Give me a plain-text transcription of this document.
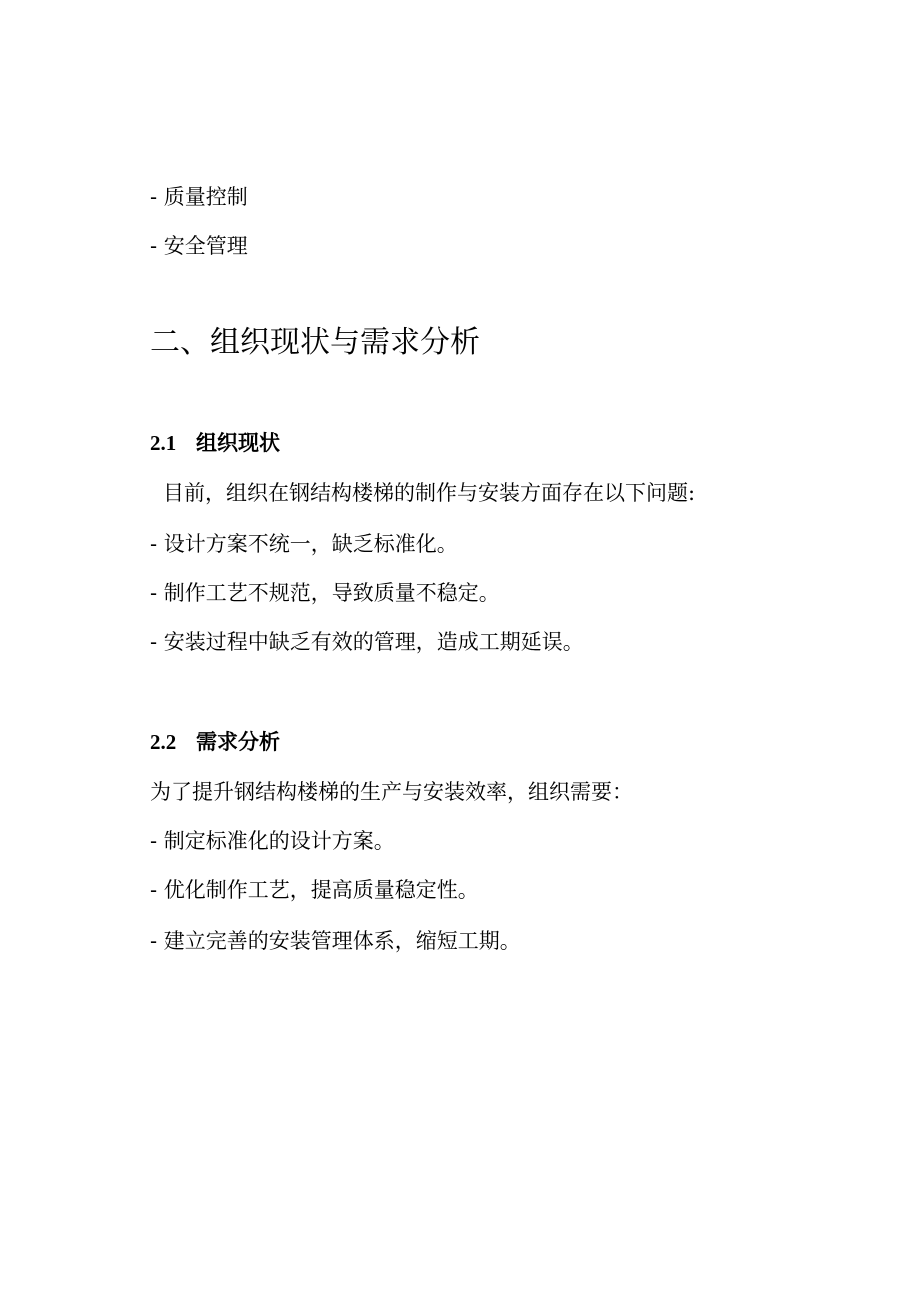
- 质量控制
- 安全管理
二、组织现状与需求分析
2.1 组织现状
目前，组织在钢结构楼梯的制作与安装方面存在以下问题:
- 设计方案不统一，缺乏标准化。
- 制作工艺不规范，导致质量不稳定。
- 安装过程中缺乏有效的管理，造成工期延误。
2.2 需求分析
为了提升钢结构楼梯的生产与安装效率，组织需要：
- 制定标准化的设计方案。
- 优化制作工艺，提高质量稳定性。
- 建立完善的安装管理体系，缩短工期。
